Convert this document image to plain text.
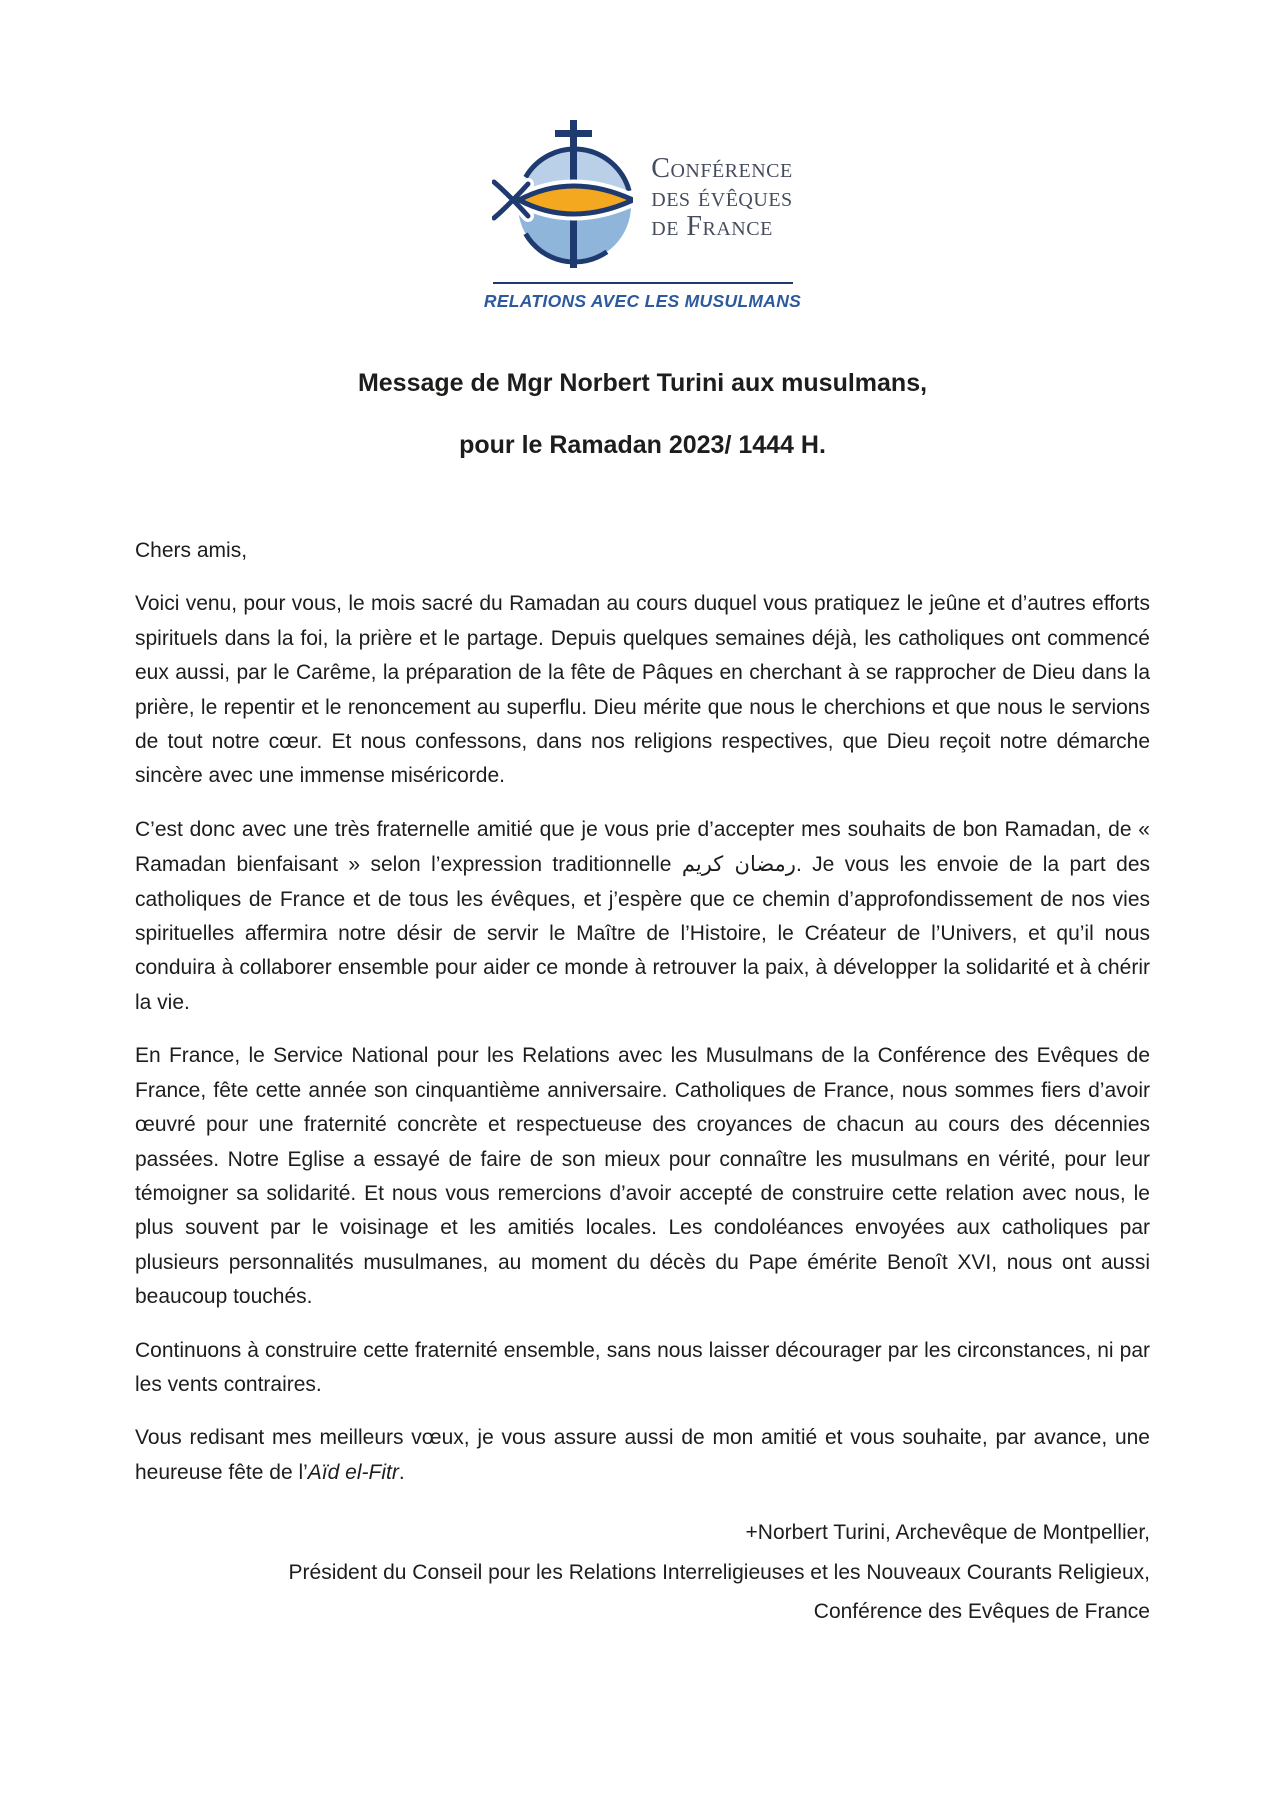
Conférence
des évêques
de France
RELATIONS AVEC LES MUSULMANS
Message de Mgr Norbert Turini aux musulmans,
pour le Ramadan 2023/ 1444 H.

Chers amis,

Voici venu, pour vous, le mois sacré du Ramadan au cours duquel vous pratiquez le jeûne et d’autres efforts spirituels dans la foi, la prière et le partage. Depuis quelques semaines déjà, les catholiques ont commencé eux aussi, par le Carême, la préparation de la fête de Pâques en cherchant à se rapprocher de Dieu dans la prière, le repentir et le renoncement au superflu. Dieu mérite que nous le cherchions et que nous le servions de tout notre cœur. Et nous confessons, dans nos religions respectives, que Dieu reçoit notre démarche sincère avec une immense miséricorde.

C’est donc avec une très fraternelle amitié que je vous prie d’accepter mes souhaits de bon Ramadan, de « Ramadan bienfaisant » selon l’expression traditionnelle رمضان كريم. Je vous les envoie de la part des catholiques de France et de tous les évêques, et j’espère que ce chemin d’approfondissement de nos vies spirituelles affermira notre désir de servir le Maître de l’Histoire, le Créateur de l’Univers, et qu’il nous conduira à collaborer ensemble pour aider ce monde à retrouver la paix, à développer la solidarité et à chérir la vie.

En France, le Service National pour les Relations avec les Musulmans de la Conférence des Evêques de France, fête cette année son cinquantième anniversaire. Catholiques de France, nous sommes fiers d’avoir œuvré pour une fraternité concrète et respectueuse des croyances de chacun au cours des décennies passées. Notre Eglise a essayé de faire de son mieux pour connaître les musulmans en vérité, pour leur témoigner sa solidarité. Et nous vous remercions d’avoir accepté de construire cette relation avec nous, le plus souvent par le voisinage et les amitiés locales. Les condoléances envoyées aux catholiques par plusieurs personnalités musulmanes, au moment du décès du Pape émérite Benoît XVI, nous ont aussi beaucoup touchés.

Continuons à construire cette fraternité ensemble, sans nous laisser décourager par les circonstances, ni par les vents contraires.

Vous redisant mes meilleurs vœux, je vous assure aussi de mon amitié et vous souhaite, par avance, une heureuse fête de l’Aïd el-Fitr.

+Norbert Turini, Archevêque de Montpellier,

Président du Conseil pour les Relations Interreligieuses et les Nouveaux Courants Religieux,

Conférence des Evêques de France
